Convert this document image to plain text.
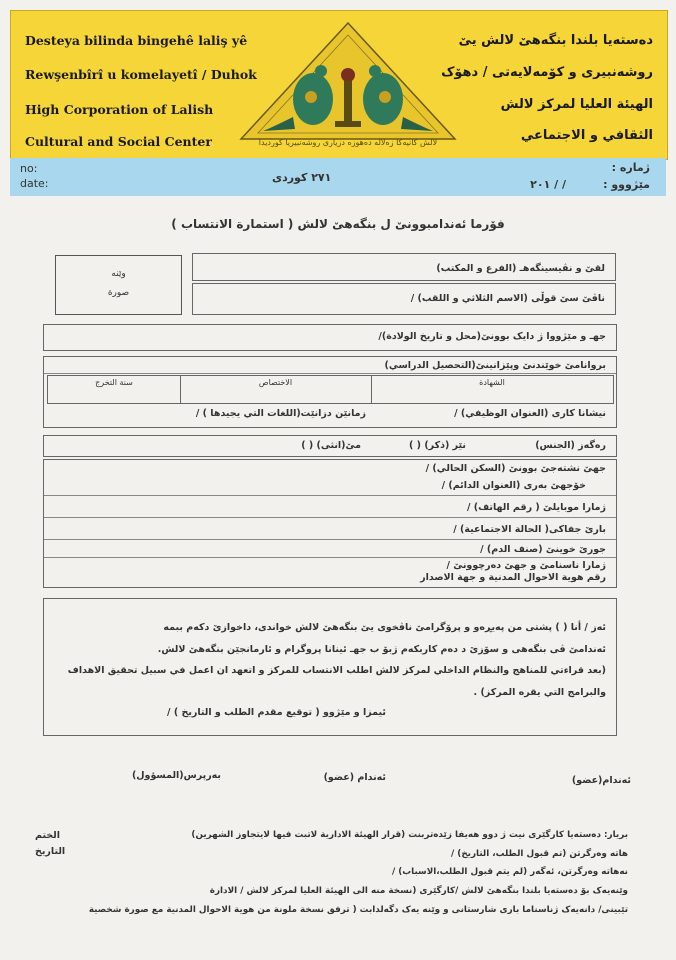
Desteya bilinda bingehê laliş yê
Rewşenbîrî u komelayetî / Duhok
High Corporation of Lalish
Cultural and Social Center
دەستەیا بلندا بنگەهێ لالش یێ
روشەنبیری و کۆمەلایەتی / دهۆک
الهيئة العليا لمركز لالش
الثقافي و الاجتماعي
لالش کانیەکا زەلالە دەهوزە دزیاری روشەنبیریا کوردیدا
no:
date:	٢٧١ كوردى
ژمارە :
مێژووو :
/ / ٢٠١
فۆرما ئەندامبوونێ ل بنگەهێ لالش ( استمارة الانتساب )
وێنە
صورة
لقێ و نڤيسینگەهـ (الفرع و المكتب)
ناڤێ سێ قوڵی (الاسم الثلاثي و اللقب) /
جهـ و مێژووا ژ دایک بوونێ(محل و تاريخ الولادة)/
بروانامێ خوێندنێ وپێزانینێ(التحصيل الدراسي)
سنة التخرج	الاختصاص	الشهادة
نیشانا کاری (العنوان الوظيفي) /
زمانێن دزانێت(اللغات التي يجيدها ) /
رەگەز (الجنس)
نێر (ذكر) ( )
مێ(انثى) ( )
جهێ نشتەجێ بوونێ (السكن الحالي) /
خۆجهێ بەری (العنوان الدائم) /
ژمارا موبایلێ ( رقم الهاتف) /
بارێ جفاکی( الحالة الاجتماعية) /
جورێ خوینێ (صنف الدم) /
ژمارا ناسنامێ و جهێ دەرچوونێ /
رقم هوية الاحوال المدنية و جهة الاصدار
ئەز / أنا ( ) پشتی من پەیڕەو و پرۆگرامێ ناڤخوی یێ بنگەهێ لالش خواندی، داخوازێ دکەم ببمە
ئەندامێ ڤی بنگەهی و سۆزێ د دەم کاربکەم ژبۆ ب جهـ ئینانا پروگرام و ئارمانجێن بنگەهێ لالش.
(بعد قراءتي للمناهج والنظام الداخلي لمركز لالش اطلب الانتساب للمركز و اتعهد ان اعمل في سبيل تحقيق الاهداف
والبرامج التي يقره المركز) .
ئیمزا و مێژوو ( توقيع مقدم الطلب و التاريخ ) /
بەرپرس(المسؤول)	ئەندام (عضو)	ئەندام(عضو)
الختم
التاريخ
بریار: دەستەیا کارگێری نیت ژ دوو هەیفا زێدەتربنت (قرار الهيئة الادارية لاتبت فيها لايتجاوز الشهرين)
هاتە وەرگرتن (تم قبول الطلب، التاريخ) /
نەهاتە وەرگرتن، ئەگەر (لم يتم قبول الطلب،الاسباب) /
وێنەیەک بۆ دەستەیا بلندا بنگەهێ لالش /کارگێری (نسخة منه الى الهيئة العليا لمركز لالش / الادارة
تێبینی/ دانەیەک ژناسناما باری شارستانی و وێنە یەک دگەلدابت ( ترفق نسخة ملونة من هوية الاحوال المدنية مع صورة شخصية
